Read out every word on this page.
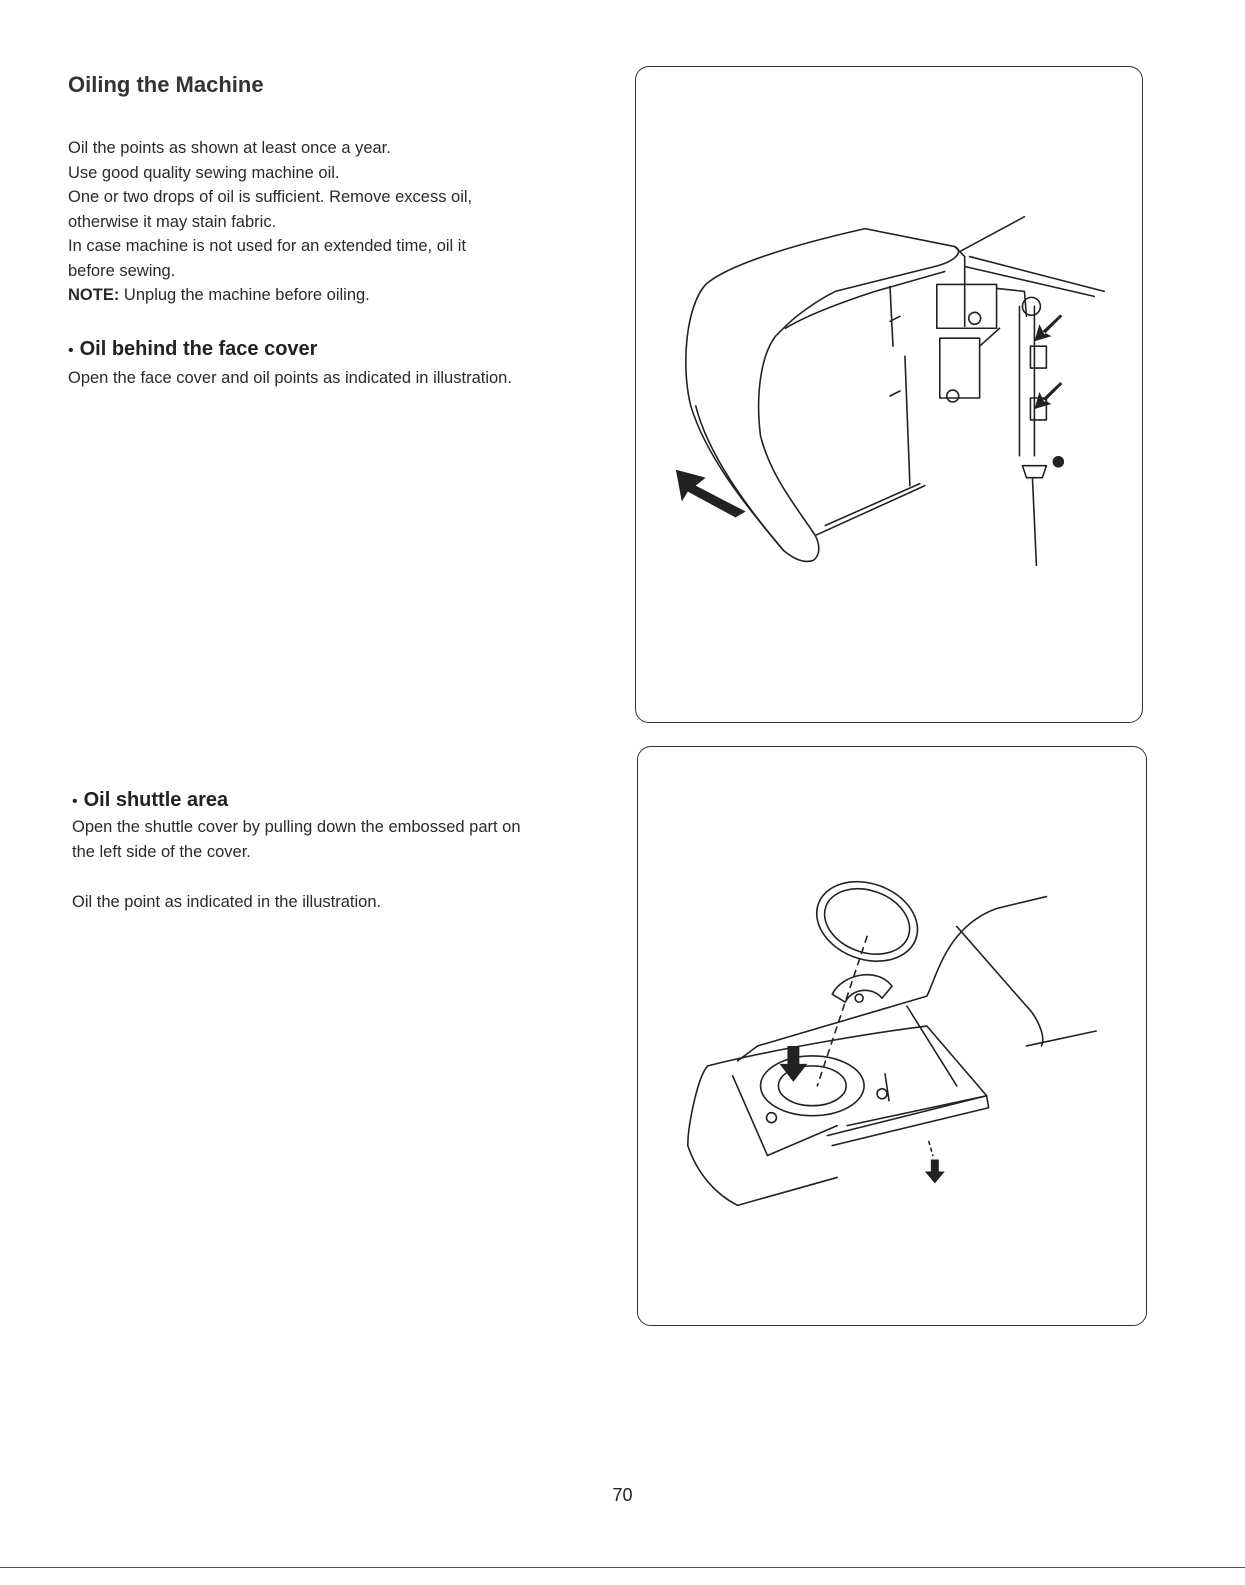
Oiling the Machine
Oil the points as shown at least once a year.
Use good quality sewing machine oil.
One or two drops of oil is sufficient. Remove excess oil,
otherwise it may stain fabric.
In case machine is not used for an extended time, oil it
before sewing.
NOTE: Unplug the machine before oiling.
• Oil behind the face cover
Open the face cover and oil points as indicated in illustration.
• Oil shuttle area
Open the shuttle cover by pulling down the embossed part on
the left side of the cover.

Oil the point as indicated in the illustration.
70
